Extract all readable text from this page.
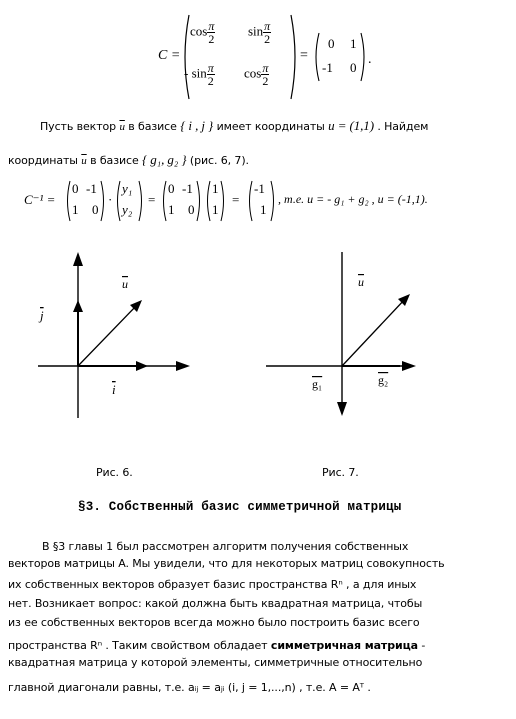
C =
$\cos \frac{\pi}{2}$	$\sin \frac{\pi}{2}$
- $\sin \frac{\pi}{2}$ $\cos \frac{\pi}{2}$
=
0 1
-1 0
.
Пусть вектор $\overline{u}$ в базисе { i , j } имеет координаты u = (1,1) . Найдем
координаты $\overline{u}$ в базисе { g₁, g₂ } (рис. 6, 7).
C⁻¹ =
0 -1
1 0
·
y₁
y₂
=
0 -1
1 0
1
1
=
-1
1
, т.е. u = - g₁ + g₂ , u = (-1,1).
u
j
i
Рис. 6.
u
g₁	g₂
Рис. 7.
§3. Собственный базис симметричной матрицы
В §3 главы 1 был рассмотрен алгоритм получения собственных
векторов матрицы A. Мы увидели, что для некоторых матриц совокупность
их собственных векторов образует базис пространства Rⁿ , а для иных
нет. Возникает вопрос: какой должна быть квадратная матрица, чтобы
из ее собственных векторов всегда можно было построить базис всего
пространства Rⁿ . Таким свойством обладает симметричная матрица -
квадратная матрица у которой элементы, симметричные относительно
главной диагонали равны, т.е. aᵢⱼ = aⱼᵢ (i, j = 1,...,n) , т.е. A = Aᵀ .
